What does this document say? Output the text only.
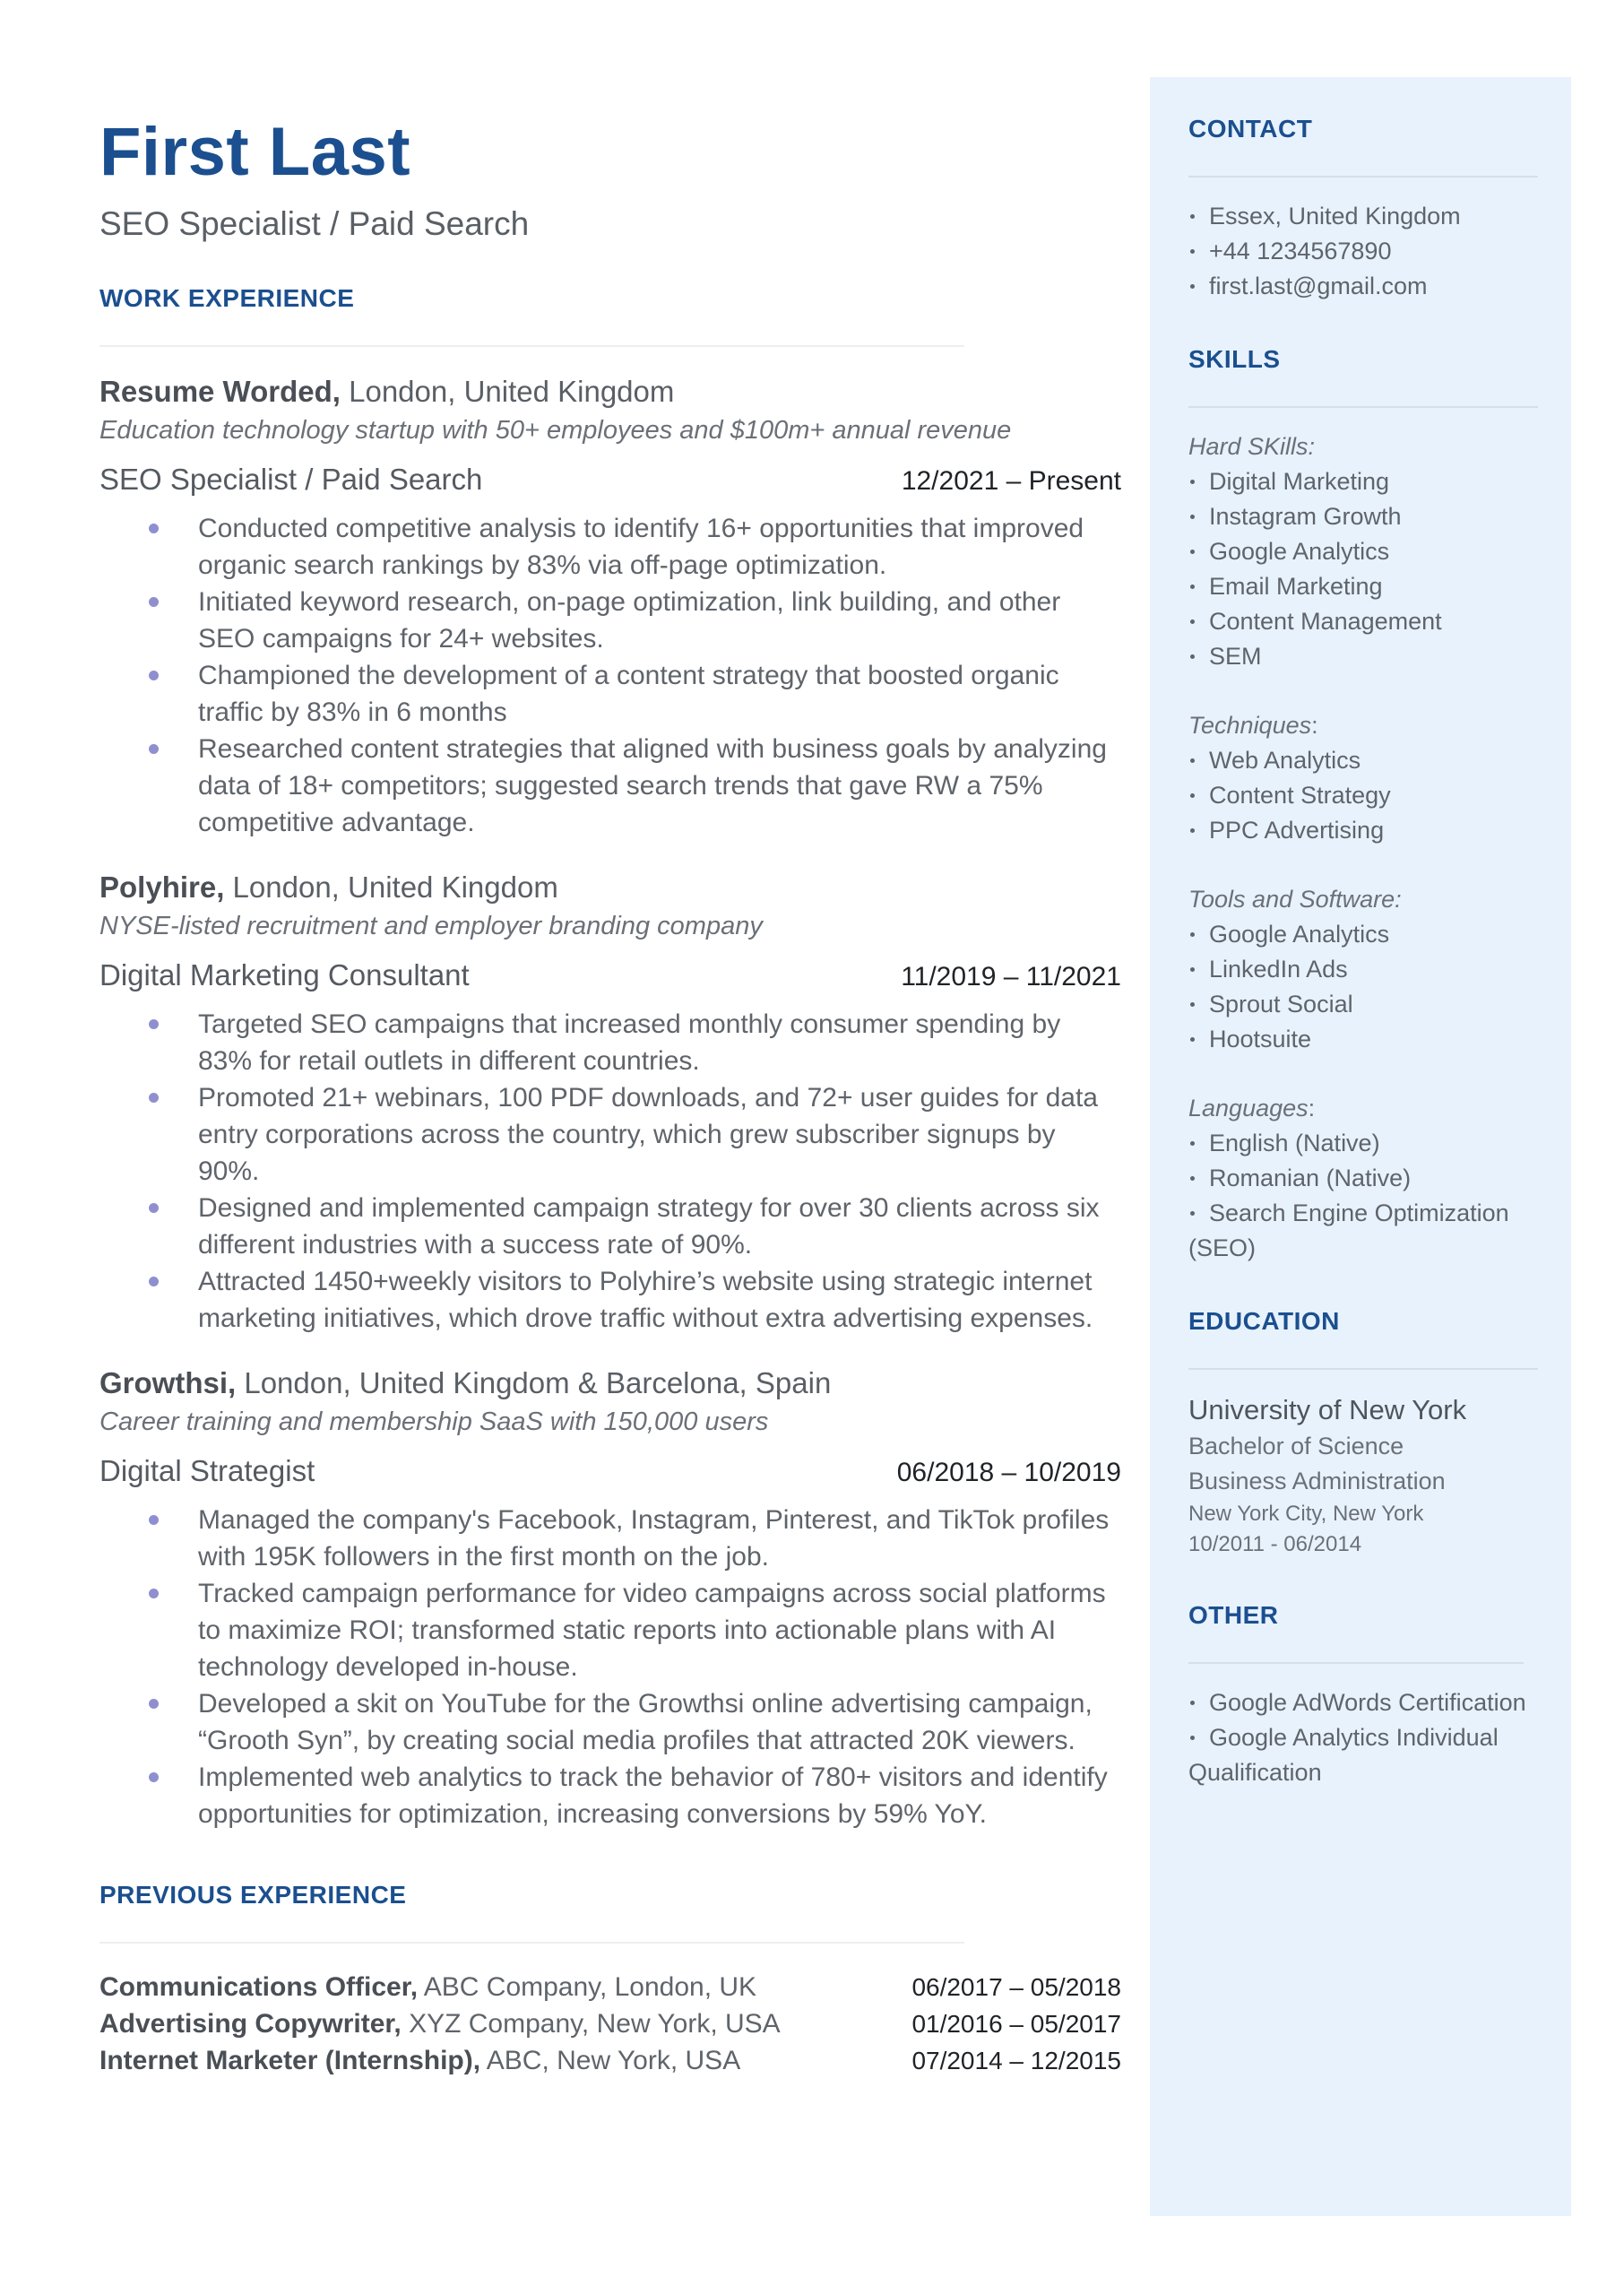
First Last
SEO Specialist / Paid Search
WORK EXPERIENCE
Resume Worded, London, United Kingdom
Education technology startup with 50+ employees and $100m+ annual revenue
SEO Specialist / Paid Search	12/2021 – Present
Conducted competitive analysis to identify 16+ opportunities that improved organic search rankings by 83% via off-page optimization.
Initiated keyword research, on-page optimization, link building, and other SEO campaigns for 24+ websites.
Championed the development of a content strategy that boosted organic traffic by 83% in 6 months
Researched content strategies that aligned with business goals by analyzing data of 18+ competitors; suggested search trends that gave RW a 75% competitive advantage.
Polyhire, London, United Kingdom
NYSE-listed recruitment and employer branding company
Digital Marketing Consultant	11/2019 – 11/2021
Targeted SEO campaigns that increased monthly consumer spending by 83% for retail outlets in different countries.
Promoted 21+ webinars, 100 PDF downloads, and 72+ user guides for data entry corporations across the country, which grew subscriber signups by 90%.
Designed and implemented campaign strategy for over 30 clients across six different industries with a success rate of 90%.
Attracted 1450+weekly visitors to Polyhire’s website using strategic internet marketing initiatives, which drove traffic without extra advertising expenses.
Growthsi, London, United Kingdom & Barcelona, Spain
Career training and membership SaaS with 150,000 users
Digital Strategist	06/2018 – 10/2019
Managed the company's Facebook, Instagram, Pinterest, and TikTok profiles with 195K followers in the first month on the job.
Tracked campaign performance for video campaigns across social platforms to maximize ROI; transformed static reports into actionable plans with AI technology developed in-house.
Developed a skit on YouTube for the Growthsi online advertising campaign, “Grooth Syn”, by creating social media profiles that attracted 20K viewers.
Implemented web analytics to track the behavior of 780+ visitors and identify opportunities for optimization, increasing conversions by 59% YoY.
PREVIOUS EXPERIENCE
Communications Officer, ABC Company, London, UK	06/2017 – 05/2018
Advertising Copywriter, XYZ Company, New York, USA	01/2016 – 05/2017
Internet Marketer (Internship), ABC, New York, USA	07/2014 – 12/2015
CONTACT
Essex, United Kingdom
+44 1234567890
first.last@gmail.com
SKILLS
Hard SKills:
Digital Marketing
Instagram Growth
Google Analytics
Email Marketing
Content Management
SEM
Techniques:
Web Analytics
Content Strategy
PPC Advertising
Tools and Software:
Google Analytics
LinkedIn Ads
Sprout Social
Hootsuite
Languages:
English (Native)
Romanian (Native)
Search Engine Optimization
(SEO)
EDUCATION
University of New York
Bachelor of Science
Business Administration
New York City, New York
10/2011 - 06/2014
OTHER
Google AdWords Certification
Google Analytics Individual
Qualification
